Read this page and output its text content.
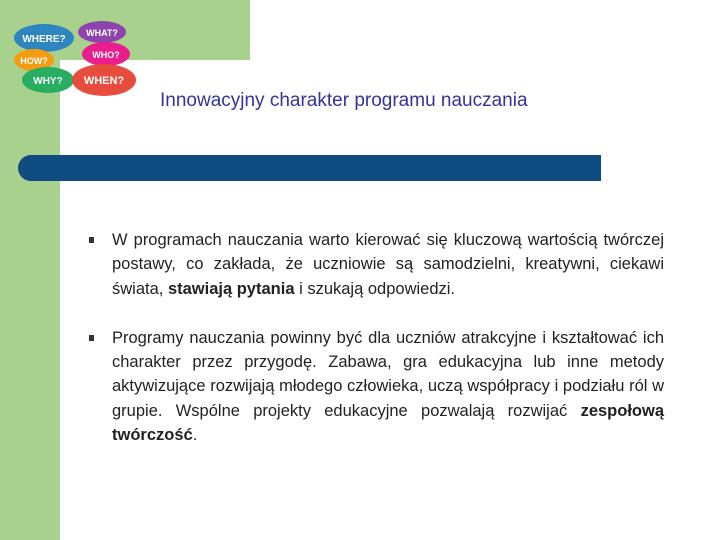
WHERE?
WHAT?
HOW?
WHO?
WHY? WHEN?
Innowacyjny charakter programu nauczania
W programach nauczania warto kierować się kluczową wartością twórczej postawy, co zakłada, że uczniowie są samodzielni, kreatywni, ciekawi świata, stawiają pytania i szukają odpowiedzi.
Programy nauczania powinny być dla uczniów atrakcyjne i kształtować ich charakter przez przygodę. Zabawa, gra edukacyjna lub inne metody aktywizujące rozwijają młodego człowieka, uczą współpracy i podziału ról w grupie. Wspólne projekty edukacyjne pozwalają rozwijać zespołową twórczość.
